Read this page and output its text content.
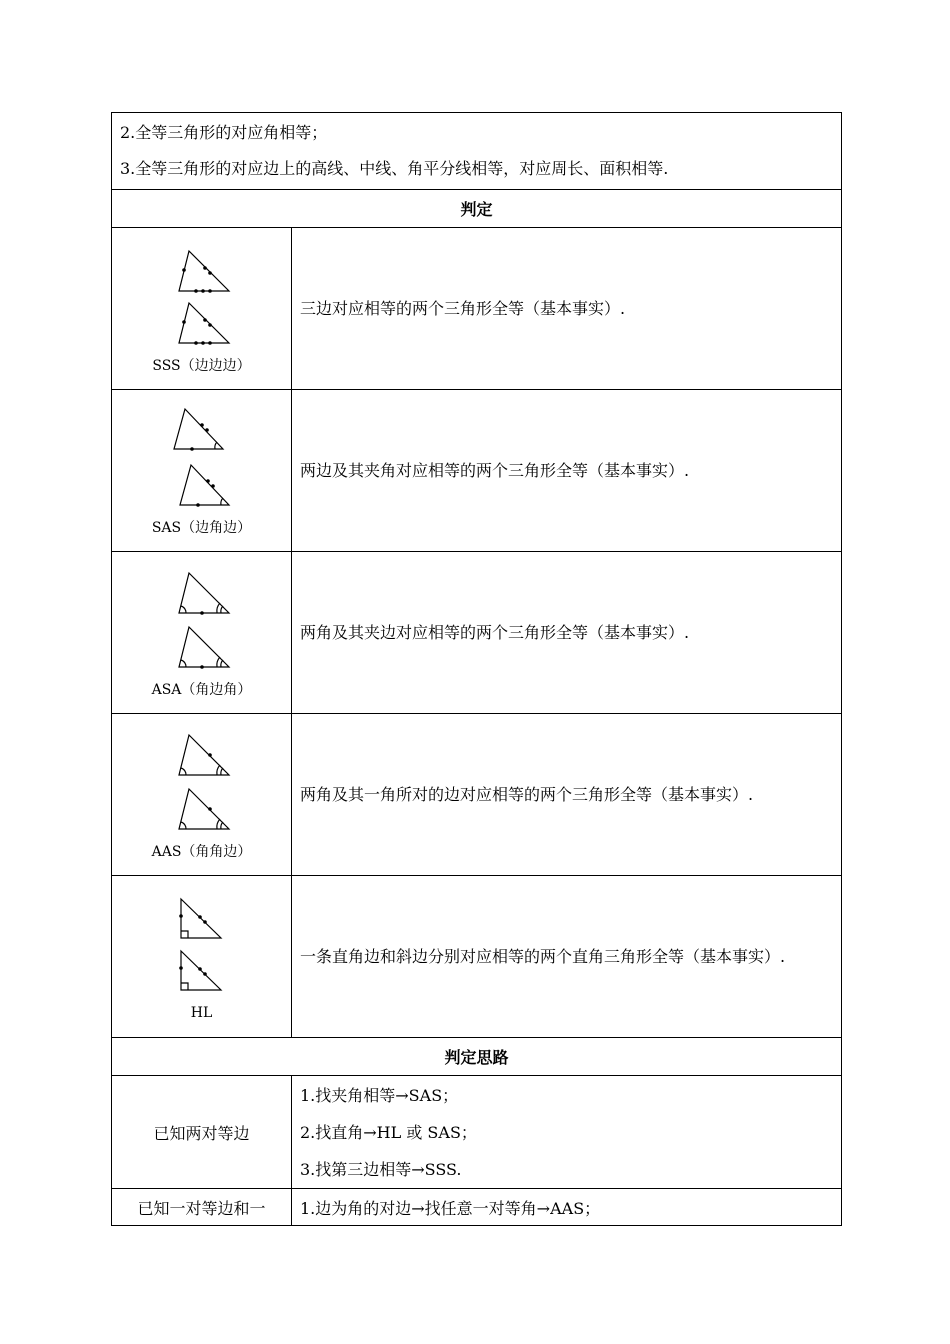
2.全等三角形的对应角相等；

3.全等三角形的对应边上的高线、中线、角平分线相等，对应周长、面积相等.	

判定	

SSS（边边边）	三边对应相等的两个三角形全等（基本事实）.

SAS（边角边）	两边及其夹角对应相等的两个三角形全等（基本事实）.

ASA（角边角）	两角及其夹边对应相等的两个三角形全等（基本事实）.

AAS（角角边）	两角及其一角所对的边对应相等的两个三角形全等（基本事实）.

HL	一条直角边和斜边分别对应相等的两个直角三角形全等（基本事实）.
判定思路	
已知两对等边	1.找夹角相等→SAS；

2.找直角→HL 或 SAS；

3.找第三边相等→SSS.

已知一对等边和一	1.边为角的对边→找任意一对等角→AAS；
